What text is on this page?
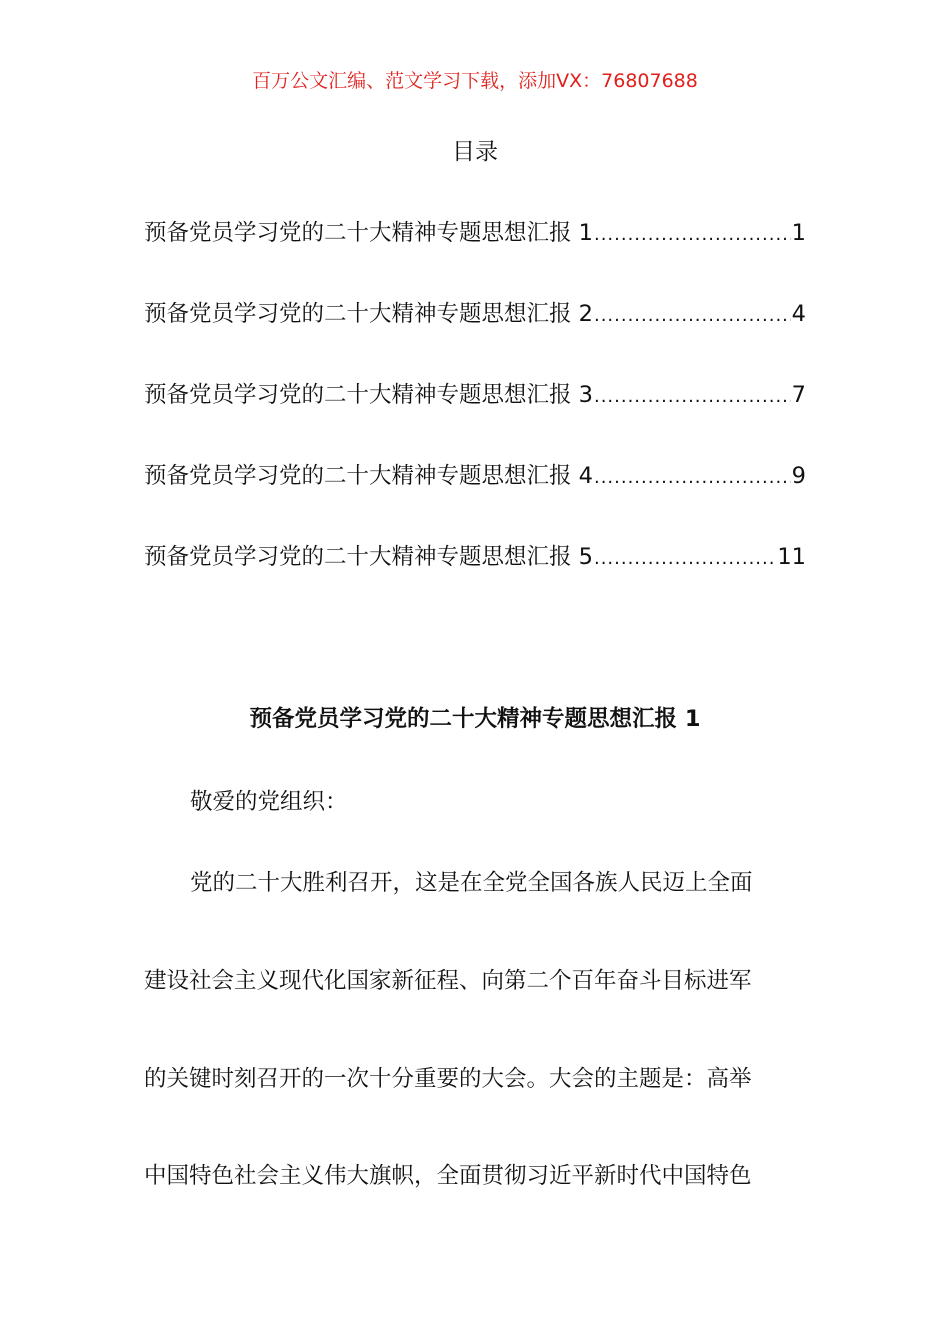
百万公文汇编、范文学习下载，添加VX：76807688
目录
预备党员学习党的二十大精神专题思想汇报 1 .....	1
预备党员学习党的二十大精神专题思想汇报 2 .....	4
预备党员学习党的二十大精神专题思想汇报 3 .....	7
预备党员学习党的二十大精神专题思想汇报 4 .....	9
预备党员学习党的二十大精神专题思想汇报 5 .....	11
预备党员学习党的二十大精神专题思想汇报 1
敬爱的党组织：
党的二十大胜利召开，这是在全党全国各族人民迈上全面
建设社会主义现代化国家新征程、向第二个百年奋斗目标进军
的关键时刻召开的一次十分重要的大会。大会的主题是：高举
中国特色社会主义伟大旗帜，全面贯彻习近平新时代中国特色
